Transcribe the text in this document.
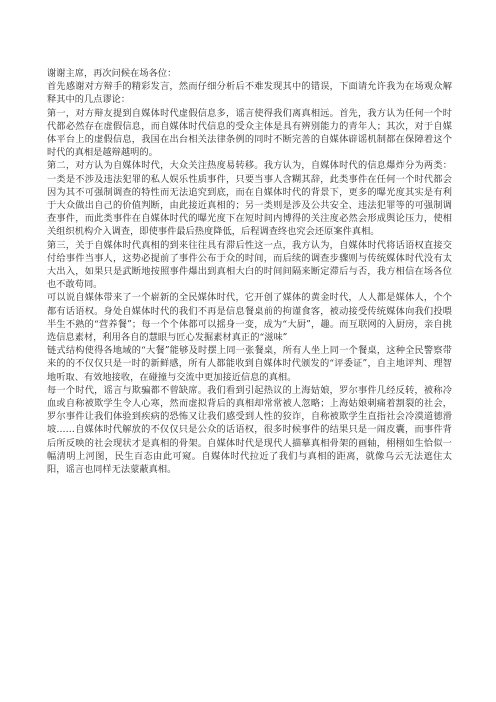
谢谢主席，再次问候在场各位：

首先感谢对方辩手的精彩发言，然而仔细分析后不难发现其中的错误，下面请允许我为在场观众解释其中的几点谬论：

第一，对方辩友提到自媒体时代虚假信息多，谣言使得我们离真相远。首先，我方认为任何一个时代都必然存在虚假信息，而自媒体时代信息的受众主体是具有辨别能力的青年人；其次，对于自媒体平台上的虚假信息，我国在出台相关法律条例的同时不断完善的自媒体辟谣机制都在保障着这个时代的真相是越辩越明的。

第二，对方认为自媒体时代，大众关注热度易转移。我方认为，自媒体时代的信息爆炸分为两类：一类是不涉及违法犯罪的私人娱乐性质事件，只要当事人含糊其辞，此类事件在任何一个时代都会因为其不可强制调查的特性而无法追究到底，而在自媒体时代的背景下，更多的曝光度其实是有利于大众做出自己的价值判断，由此接近真相的；另一类则是涉及公共安全、违法犯罪等的可强制调查事件，而此类事件在自媒体时代的曝光度下在短时间内博得的关注度必然会形成舆论压力，使相关组织机构介入调查，即使事件最后热度降低，后程调查终也究会还原案件真相。

第三，关于自媒体时代真相的到来往往具有滞后性这一点，我方认为，自媒体时代将话语权直接交付给事件当事人，这势必提前了事件公布于众的时间，而后续的调查步骤则与传统媒体时代没有太大出入，如果只是武断地按照事件爆出到真相大白的时间间隔来断定滞后与否，我方相信在场各位也不敢苟同。

可以说自媒体带来了一个崭新的全民媒体时代，它开创了媒体的黄金时代，人人都是媒体人，个个都有话语权。身处自媒体时代的我们不再是信息餐桌前的拘谨食客，被动接受传统媒体向我们投喂半生不熟的“营养餐”；每一个个体都可以摇身一变，成为“大厨”，趣。而互联网的入厨房，亲自挑选信息素材，利用各自的慧眼与匠心发掘素材真正的“滋味”

链式结构使得各地域的“大餐”能够及时摆上同一张餐桌，所有人坐上同一个餐桌，这种全民警察带来的的不仅仅只是一时的新鲜感，所有人都能收到自媒体时代颁发的“评委证”，自主地评判、理智地听取、有效地接收，在碰撞与交流中更加接近信息的真相。

每一个时代，谣言与欺骗都不曾缺席。我们看到引起热议的上海姑娘，罗尔事件几经反转，被称冷血或自称被欺学生令人心寒，然而虚拟背后的真相却常常被人忽略；上海姑娘刺痛着割裂的社会，罗尔事件让我们体验到疾病的恐怖又让我们感受到人性的狡诈，自称被欺学生直指社会冷漠道德滑坡……自媒体时代解放的不仅仅只是公众的话语权，很多时候事件的结果只是一闹皮囊，而事件背后所反映的社会现状才是真相的骨架。自媒体时代是现代人描摹真相骨架的画轴，栩栩如生恰似一幅清明上河图，民生百态由此可窥。自媒体时代拉近了我们与真相的距离，就像乌云无法遮住太阳，谣言也同样无法蒙蔽真相。
